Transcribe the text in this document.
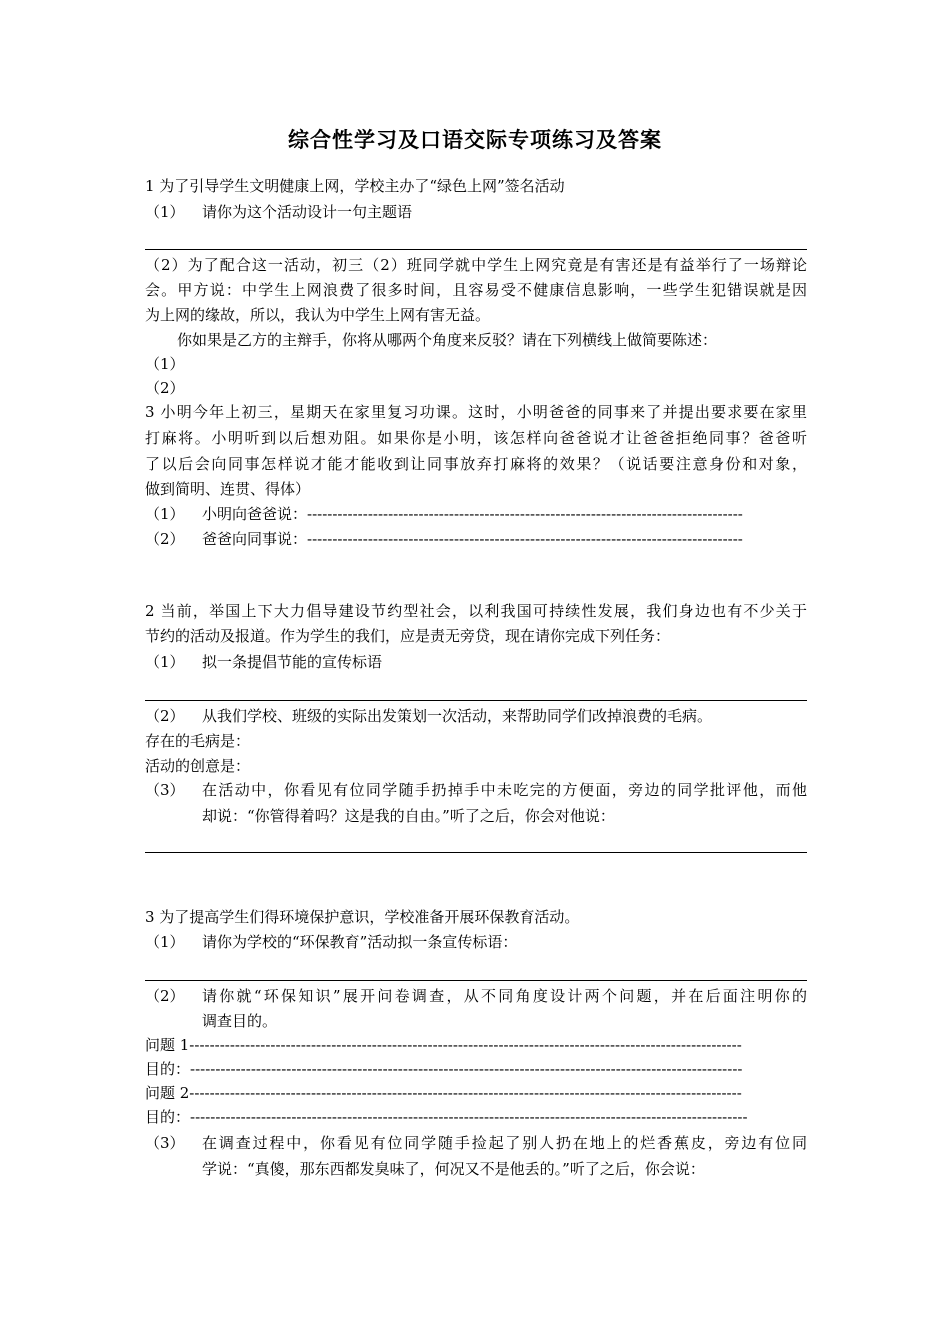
综合性学习及口语交际专项练习及答案
1 为了引导学生文明健康上网，学校主办了“绿色上网”签名活动
（1） 请你为这个活动设计一句主题语
（2）为了配合这一活动，初三（2）班同学就中学生上网究竟是有害还是有益举行了一场辩论
会。甲方说：中学生上网浪费了很多时间，且容易受不健康信息影响，一些学生犯错误就是因
为上网的缘故，所以，我认为中学生上网有害无益。
你如果是乙方的主辩手，你将从哪两个角度来反驳？请在下列横线上做简要陈述：
（1）
（2）
3 小明今年上初三，星期天在家里复习功课。这时，小明爸爸的同事来了并提出要求要在家里
打麻将。小明听到以后想劝阻。如果你是小明，该怎样向爸爸说才让爸爸拒绝同事？爸爸听
了以后会向同事怎样说才能才能收到让同事放弃打麻将的效果？（说话要注意身份和对象，
做到简明、连贯、得体）
（1） 小明向爸爸说：--------------------------------------------------------------------------------------
（2） 爸爸向同事说：--------------------------------------------------------------------------------------
2 当前，举国上下大力倡导建设节约型社会，以利我国可持续性发展，我们身边也有不少关于
节约的活动及报道。作为学生的我们，应是责无旁贷，现在请你完成下列任务：
（1） 拟一条提倡节能的宣传标语
（2） 从我们学校、班级的实际出发策划一次活动，来帮助同学们改掉浪费的毛病。
存在的毛病是：
活动的创意是：
（3）	在活动中，你看见有位同学随手扔掉手中未吃完的方便面，旁边的同学批评他，而他
却说：“你管得着吗？这是我的自由。”听了之后，你会对他说：
3 为了提高学生们得环境保护意识，学校准备开展环保教育活动。
（1） 请你为学校的“环保教育”活动拟一条宣传标语：
（2）	请你就“环保知识”展开问卷调查，从不同角度设计两个问题，并在后面注明你的
调查目的。
问题 1-------------------------------------------------------------------------------------------------------------
目的：-------------------------------------------------------------------------------------------------------------
问题 2-------------------------------------------------------------------------------------------------------------
目的：--------------------------------------------------------------------------------------------------------------
（3）	在调查过程中，你看见有位同学随手捡起了别人扔在地上的烂香蕉皮，旁边有位同
学说：“真傻，那东西都发臭味了，何况又不是他丢的。”听了之后，你会说：
